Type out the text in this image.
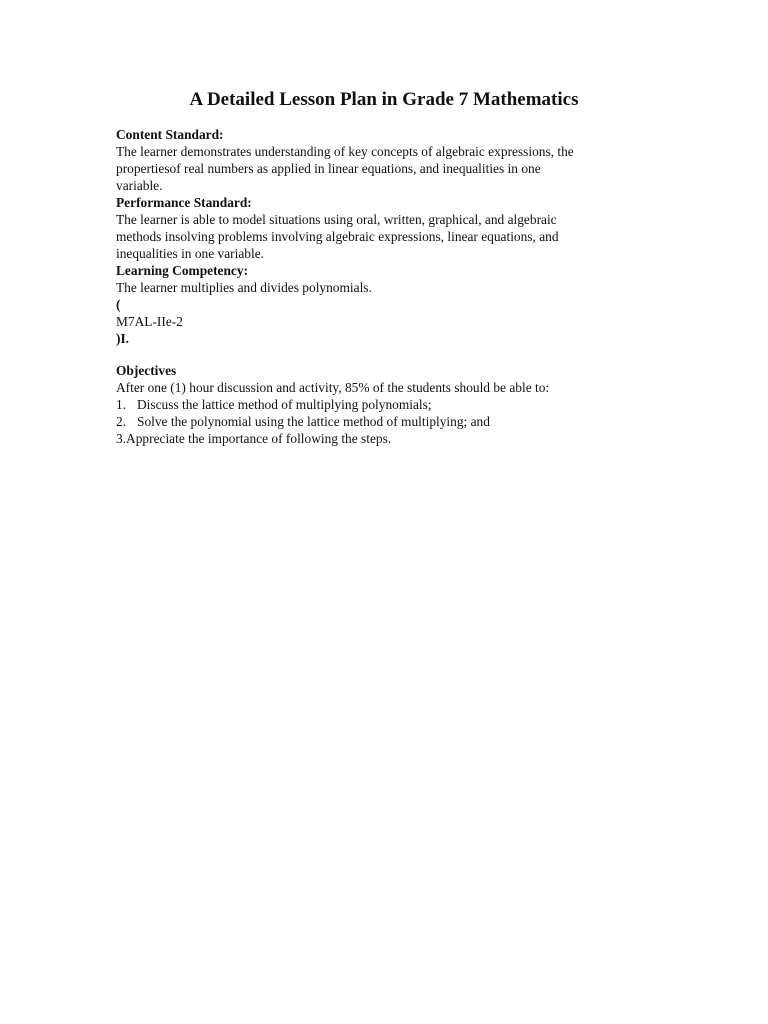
A Detailed Lesson Plan in Grade 7 Mathematics
Content Standard:
The learner demonstrates understanding of key concepts of algebraic expressions, the
propertiesof real numbers as applied in linear equations, and inequalities in one
variable.
Performance Standard:
The learner is able to model situations using oral, written, graphical, and algebraic
methods insolving problems involving algebraic expressions, linear equations, and
inequalities in one variable.
Learning Competency:
The learner multiplies and divides polynomials.
(
M7AL-IIe-2
)I.
Objectives
After one (1) hour discussion and activity, 85% of the students should be able to:
1. Discuss the lattice method of multiplying polynomials;
2. Solve the polynomial using the lattice method of multiplying; and
3.Appreciate the importance of following the steps.
